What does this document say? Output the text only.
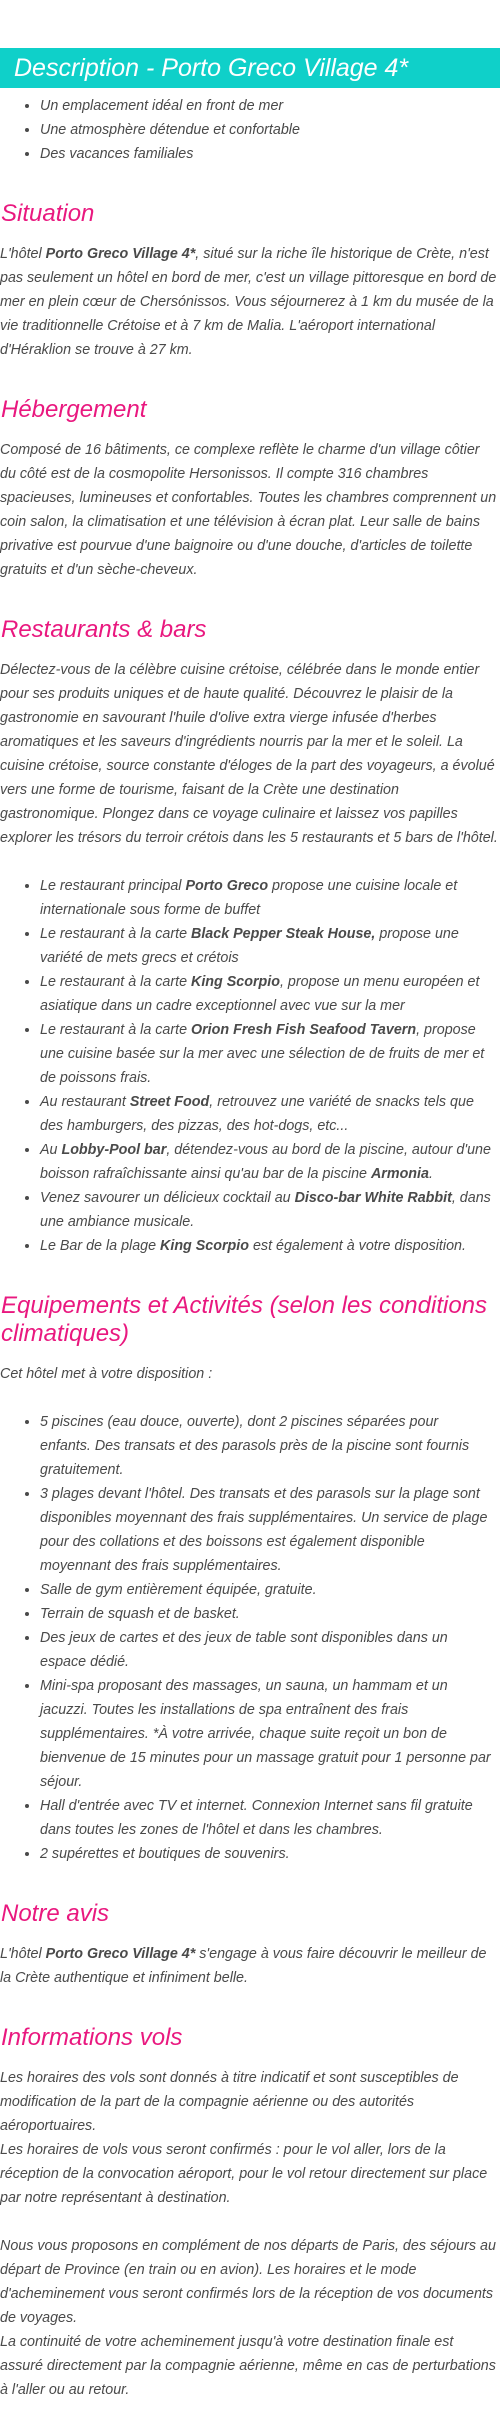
Description - Porto Greco Village 4*
• Un emplacement idéal en front de mer
• Une atmosphère détendue et confortable
• Des vacances familiales
Situation

L'hôtel Porto Greco Village 4*, situé sur la riche île historique de Crète, n'est pas seulement un hôtel en bord de mer, c'est un village pittoresque en bord de mer en plein cœur de Chersónissos. Vous séjournerez à 1 km du musée de la vie traditionnelle Crétoise et à 7 km de Malia. L'aéroport international d'Héraklion se trouve à 27 km.

Hébergement

Composé de 16 bâtiments, ce complexe reflète le charme d'un village côtier du côté est de la cosmopolite Hersonissos. Il compte 316 chambres spacieuses, lumineuses et confortables. Toutes les chambres comprennent un coin salon, la climatisation et une télévision à écran plat. Leur salle de bains privative est pourvue d'une baignoire ou d'une douche, d'articles de toilette gratuits et d'un sèche-cheveux.

Restaurants & bars

Délectez-vous de la célèbre cuisine crétoise, célébrée dans le monde entier pour ses produits uniques et de haute qualité. Découvrez le plaisir de la gastronomie en savourant l'huile d'olive extra vierge infusée d'herbes aromatiques et les saveurs d'ingrédients nourris par la mer et le soleil. La cuisine crétoise, source constante d'éloges de la part des voyageurs, a évolué vers une forme de tourisme, faisant de la Crète une destination gastronomique. Plongez dans ce voyage culinaire et laissez vos papilles explorer les trésors du terroir crétois dans les 5 restaurants et 5 bars de l'hôtel.

• Le restaurant principal Porto Greco propose une cuisine locale et internationale sous forme de buffet
• Le restaurant à la carte Black Pepper Steak House, propose une variété de mets grecs et crétois
• Le restaurant à la carte King Scorpio, propose un menu européen et asiatique dans un cadre exceptionnel avec vue sur la mer
• Le restaurant à la carte Orion Fresh Fish Seafood Tavern, propose une cuisine basée sur la mer avec une sélection de de fruits de mer et de poissons frais.
• Au restaurant Street Food, retrouvez une variété de snacks tels que des hamburgers, des pizzas, des hot-dogs, etc...
• Au Lobby-Pool bar, détendez-vous au bord de la piscine, autour d'une boisson rafraîchissante ainsi qu'au bar de la piscine Armonia.
• Venez savourer un délicieux cocktail au Disco-bar White Rabbit, dans une ambiance musicale.
• Le Bar de la plage King Scorpio est également à votre disposition.
Equipements et Activités (selon les conditions climatiques)

Cet hôtel met à votre disposition :

• 5 piscines (eau douce, ouverte), dont 2 piscines séparées pour enfants. Des transats et des parasols près de la piscine sont fournis gratuitement.
• 3 plages devant l'hôtel. Des transats et des parasols sur la plage sont disponibles moyennant des frais supplémentaires. Un service de plage pour des collations et des boissons est également disponible moyennant des frais supplémentaires.
• Salle de gym entièrement équipée, gratuite.
• Terrain de squash et de basket.
• Des jeux de cartes et des jeux de table sont disponibles dans un espace dédié.
• Mini-spa proposant des massages, un sauna, un hammam et un jacuzzi. Toutes les installations de spa entraînent des frais supplémentaires. *À votre arrivée, chaque suite reçoit un bon de bienvenue de 15 minutes pour un massage gratuit pour 1 personne par séjour.
• Hall d'entrée avec TV et internet. Connexion Internet sans fil gratuite dans toutes les zones de l'hôtel et dans les chambres.
• 2 supérettes et boutiques de souvenirs.
Notre avis

L'hôtel Porto Greco Village 4* s'engage à vous faire découvrir le meilleur de la Crète authentique et infiniment belle.

Informations vols

Les horaires des vols sont donnés à titre indicatif et sont susceptibles de modification de la part de la compagnie aérienne ou des autorités aéroportuaires.

Les horaires de vols vous seront confirmés : pour le vol aller, lors de la réception de la convocation aéroport, pour le vol retour directement sur place par notre représentant à destination.

Nous vous proposons en complément de nos départs de Paris, des séjours au départ de Province (en train ou en avion). Les horaires et le mode d'acheminement vous seront confirmés lors de la réception de vos documents de voyages.

La continuité de votre acheminement jusqu'à votre destination finale est assuré directement par la compagnie aérienne, même en cas de perturbations à l'aller ou au retour.
